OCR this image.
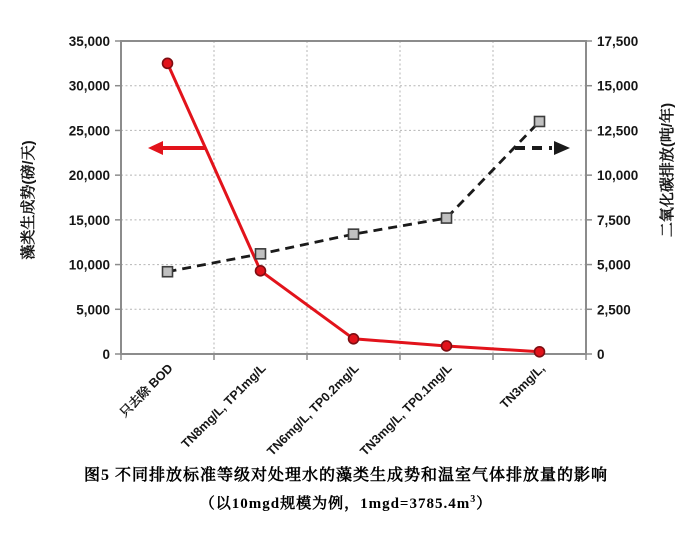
35,000
30,000
25,000
20,000
15,000
10,000
5,000
0
17,500
15,000
12,500
10,000
7,500
5,000
2,500
0
只去除 BOD TN8mg/L, TP1mg/L
TN6mg/L, TP0.2mg/L
TN3mg/L, TP0.1mg/L	TN3mg/L,
藻类生成势(磅/天)	二氧化碳排放(吨/年)
图5 不同排放标准等级对处理水的藻类生成势和温室气体排放量的影响
（以10mgd规模为例，$1mgd=3785.4m^3$）
